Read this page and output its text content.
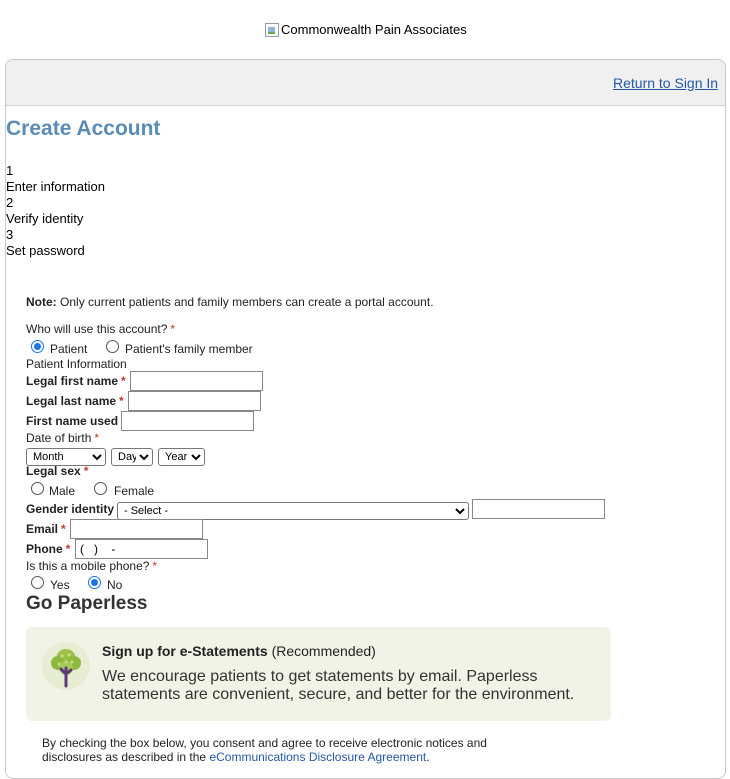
Commonwealth Pain Associates
Return to Sign In
Create Account
1
Enter information
2
Verify identity
3
Set password
Note: Only current patients and family members can create a portal account.
Who will use this account? *
Patient	Patient's family member
Patient Information
Legal first name *
Legal last name *
First name used
Date of birth *
Month
Day
Year
Legal sex *
Male	Female
Gender identity
- Select -
Email *
Phone *
( ) -
Is this a mobile phone? *
Yes	No
Go Paperless
Sign up for e-Statements (Recommended)
We encourage patients to get statements by email. Paperless statements are convenient, secure, and better for the environment.
By checking the box below, you consent and agree to receive electronic notices and disclosures as described in the eCommunications Disclosure Agreement.
